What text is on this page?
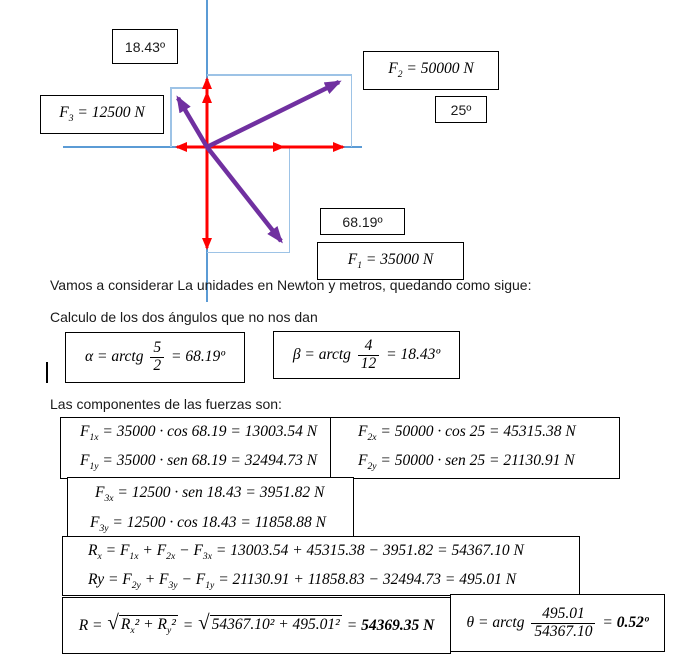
18.43º
$F_2 = 50000$ N
25º
$F_3 = 12500$ N
68.19º
$F_1 = 35000$ N
Vamos a considerar La unidades en Newton y metros, quedando como sigue:
Calculo de los dos ángulos que no nos dan
α = arctg $\frac{5}{2}$ = 68.19º	β = arctg $\frac{4}{12}$ = 18.43º
Las componentes de las fuerzas son:
$F_{1x} = 35000 \cdot \cos 68.19 = 13003.54$ N
$F_{1y} = 35000$ · sen 68.19 = 32494.73 N
$F_{2x} = 50000 \cdot \cos 25 = 45315.38$ N
$F_{2y} = 50000$ · sen 25 = 21130.91 N
$F_{3x} = 12500$ · sen 18.43 = 3951.82 N
$F_{3y} = 12500 \cdot \cos 18.43 = 11858.88$ N
$R_x = F_{1x} + F_{2x} - F_{3x} = 13003.54 + 45315.38 - 3951.82 = 54367.10$ N
$Ry = F_{2y} + F_{3y} - F_{1y} = 21130.91 + 11858.83 - 32494.73 = 495.01$ N
R = √ $R_x^2 + R_y^2$ = √ 54367.10² + 495.01² = 54369.35 N θ = arctg $\frac{495.01}{54367.10}$ = 0.52º
